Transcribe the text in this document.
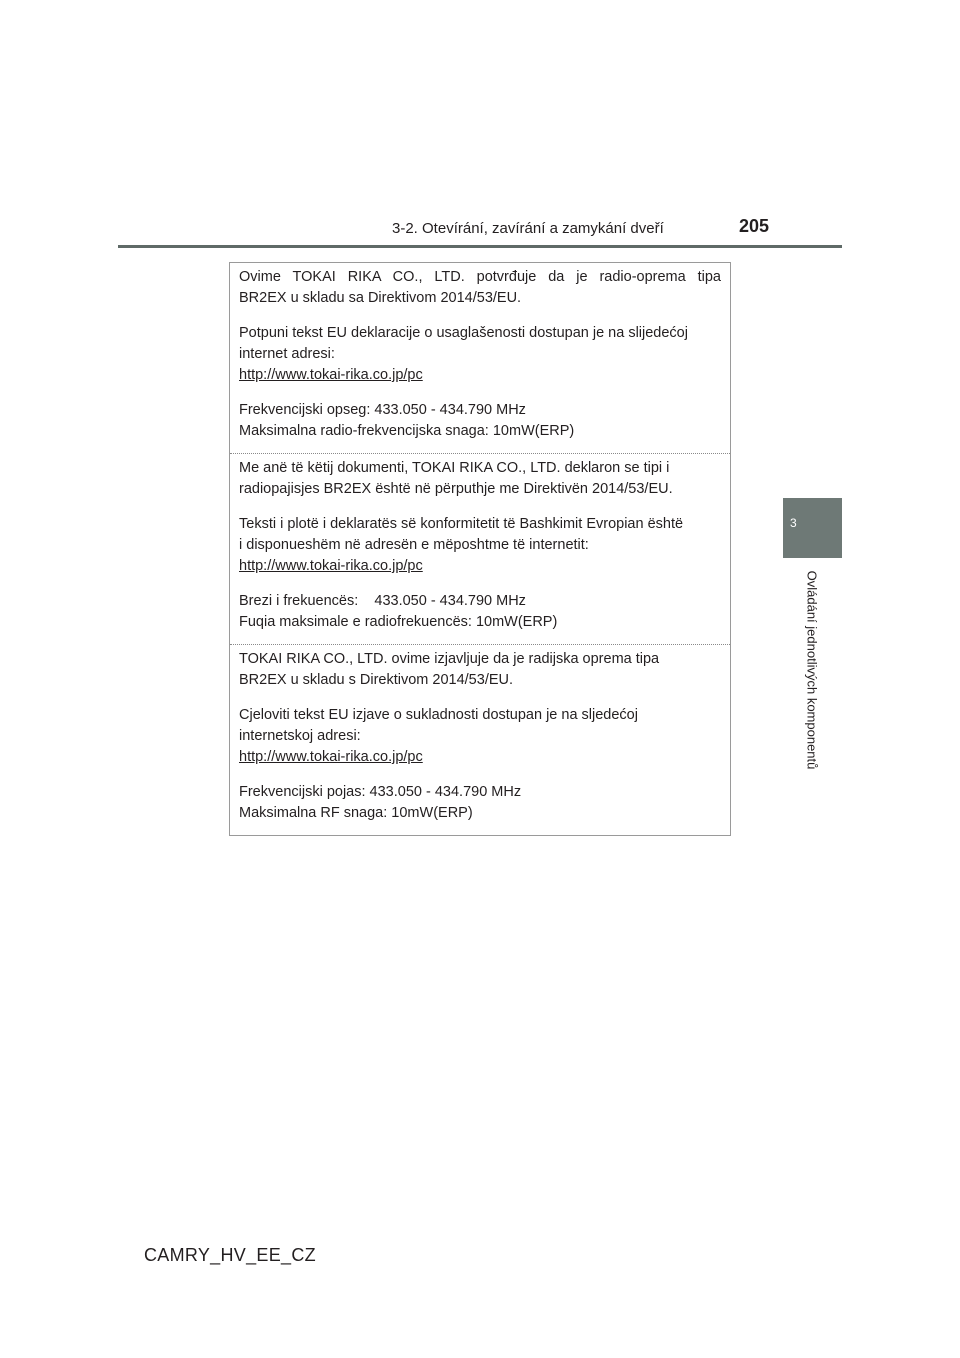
3-2. Otevírání, zavírání a zamykání dveří	205
3
Ovládání jednotlivých komponentů

Ovime TOKAI RIKA CO., LTD. potvrđuje da je radio-oprema tipa
BR2EX u skladu sa Direktivom 2014/53/EU.

Potpuni tekst EU deklaracije o usaglašenosti dostupan je na slijedećoj
internet adresi:
http://www.tokai-rika.co.jp/pc

Frekvencijski opseg: 433.050 - 434.790 MHz
Maksimalna radio-frekvencijska snaga: 10mW(ERP)

Me anë të këtij dokumenti, TOKAI RIKA CO., LTD. deklaron se tipi i
radiopajisjes BR2EX është në përputhje me Direktivën 2014/53/EU.

Teksti i plotë i deklaratës së konformitetit të Bashkimit Evropian është
i disponueshëm në adresën e mëposhtme të internetit:
http://www.tokai-rika.co.jp/pc

Brezi i frekuencës:    433.050 - 434.790 MHz
Fuqia maksimale e radiofrekuencës: 10mW(ERP)

TOKAI RIKA CO., LTD. ovime izjavljuje da je radijska oprema tipa
BR2EX u skladu s Direktivom 2014/53/EU.

Cjeloviti tekst EU izjave o sukladnosti dostupan je na sljedećoj
internetskoj adresi:
http://www.tokai-rika.co.jp/pc

Frekvencijski pojas: 433.050 - 434.790 MHz
Maksimalna RF snaga: 10mW(ERP)

CAMRY_HV_EE_CZ
